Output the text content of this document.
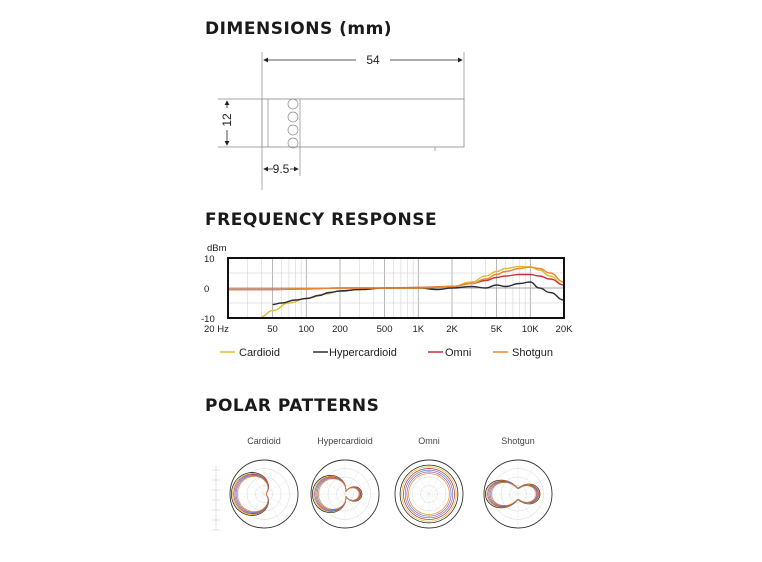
DIMENSIONS (mm)
FREQUENCY RESPONSE
POLAR PATTERNS
54
12
9.5
dBm
10
0
-10
20 Hz	50 100 200	500 1K 2K	5K 10K 20K
Cardioid	Hypercardioid	Omni	Shotgun
Cardioid	Hypercardioid	Omni	Shotgun
